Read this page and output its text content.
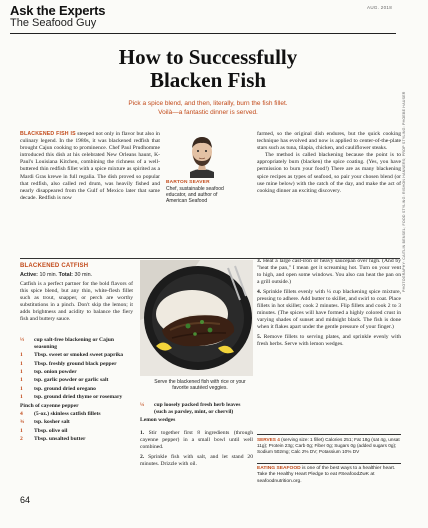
Ask the Experts
The Seafood Guy
AUG. 2018
How to Successfully
Blacken Fish
Pick a spice blend, and then, literally, burn the fish fillet.
Voilà—a fantastic dinner is served.
BLACKENED FISH IS steeped not only in flavor but also in culinary legend. In the 1980s, it was blackened redfish that brought Cajun cooking to prominence. Chef Paul Prudhomme introduced this dish at his celebrated New Orleans haunt, K-Paul's Louisiana Kitchen, combining the richness of a well-buttered thin redfish fillet with a spice mixture as spirited as a Mardi Gras krewe in full regalia. The dish proved so popular that redfish, also called red drum, was heavily fished and nearly disappeared from the Gulf of Mexico later that same decade. Redfish is now
BARTON SEAVER
Chef, sustainable seafood educator, and author of American Seafood

farmed, so the original dish endures, but the quick cooking technique has evolved and now is applied to center-of-the-plate stars such as tuna, tilapia, chicken, and cauliflower steaks.

The method is called blackening because the point is to appropriately burn (blacken) the spice coating. (Yes, you have permission to burn your food!) There are as many blackening spice recipes as types of seafood, so pair your chosen blend (or use mine below) with the catch of the day, and make the act of cooking dinner an exciting discovery.

BLACKENED CATFISH
Active: 10 min. Total: 30 min.
Catfish is a perfect partner for the bold flavors of this spice blend, but any thin, white-flesh fillet such as trout, snapper, or perch are worthy substitutions in a pinch. Don't skip the lemon; it adds brightness and acidity to balance the fiery fish and buttery sauce.
⅓	cup salt-free blackening or Cajun seasoning
1	Tbsp. sweet or smoked sweet paprika
1	Tbsp. freshly ground black pepper
1	tsp. onion powder
1	tsp. garlic powder or garlic salt
1	tsp. ground dried oregano
1	tsp. ground dried thyme or rosemary
Pinch of cayenne pepper
4	(5-oz.) skinless catfish fillets
¾	tsp. kosher salt
1	Tbsp. olive oil
2	Tbsp. unsalted butter
Serve the blackened fish with rice or your favorite sautéed veggies.
¼	cup loosely packed fresh herb leaves (such as parsley, mint, or chervil)
Lemon wedges

1. Stir together first 8 ingredients (through cayenne pepper) in a small bowl until well combined.

2. Sprinkle fish with salt, and let stand 20 minutes. Drizzle with oil.

3. Heat a large cast-iron or heavy saucepan over high. (And by "heat the pan," I mean get it screaming hot. Turn on your vent to high, and open some windows. You also can heat the pan on a grill outside.)

4. Sprinkle fillets evenly with ¼ cup blackening spice mixture, pressing to adhere. Add butter to skillet, and swirl to coat. Place fillets in hot skillet; cook 2 minutes. Flip fillets and cook 2 to 3 minutes. (The spices will have formed a highly colored crust in varying shades of sunset and midnight black. The fish is done when it flakes apart under the gentle pressure of your finger.)

5. Remove fillets to serving plates, and sprinkle evenly with fresh herbs. Serve with lemon wedges.

SERVES 4 (serving size: 1 fillet) Calories 251; Fat 18g (sat 4g, unsat 11g); Protein 23g; Carb 0g; Fiber 0g; Sugars 0g (added sugars 0g); Sodium 502mg; Calc 2% DV; Potassium 10% DV
EATING SEAFOOD is one of the best ways to a healthier heart. Take the Healthy Heart Pledge to eat #SeafoodZwK at seafoodnutrition.org.
PHOTOGRAPHY: CAITLIN BENSEL; FOOD STYLING: RISHON HANNERS; PROP STYLING: PHOEBE HAUSER
64
